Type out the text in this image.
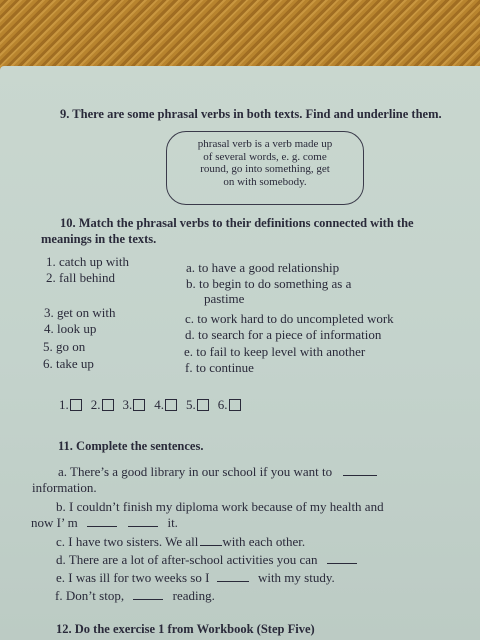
9. There are some phrasal verbs in both texts. Find and underline them.
phrasal verb is a verb made up
of several words, e. g. come
round, go into something, get
on with somebody.
10. Match the phrasal verbs to their definitions connected with the
meanings in the texts.
1. catch up with
2. fall behind
3. get on with
4. look up
5. go on
6. take up
a. to have a good relationship
b. to begin to do something as a
pastime
c. to work hard to do uncompleted work
d. to search for a piece of information
e. to fail to keep level with another
f. to continue
1. 2. 3. 4. 5. 6.
11. Complete the sentences.
a. There’s a good library in our school if you want to
information.
b. I couldn’t finish my diploma work because of my health and
now I’ m	it.
c. I have two sisters. We all with each other.
d. There are a lot of after-school activities you can
e. I was ill for two weeks so I	with my study.
f. Don’t stop,	reading.
12. Do the exercise 1 from Workbook (Step Five)
